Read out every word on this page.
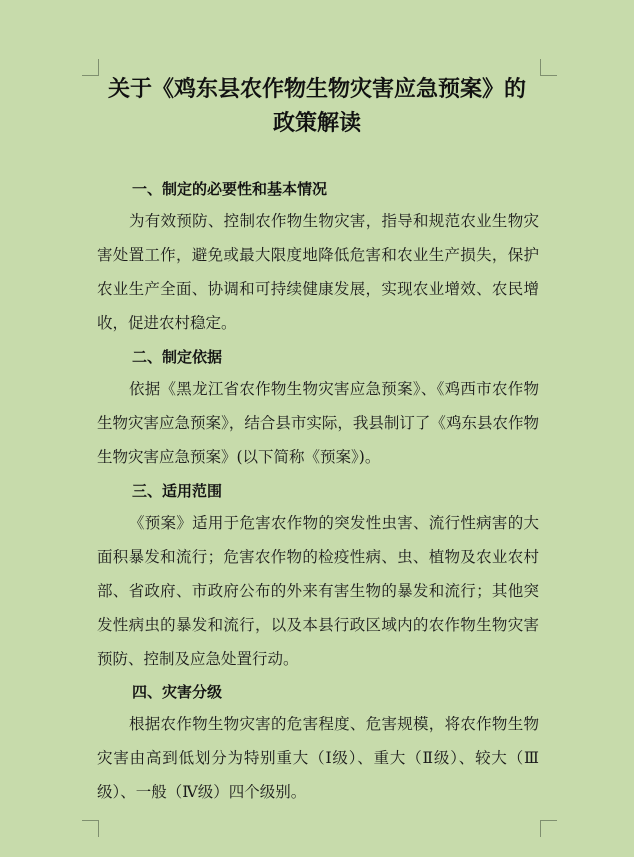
关于《鸡东县农作物生物灾害应急预案》的
政策解读
一、制定的必要性和基本情况
为有效预防、控制农作物生物灾害，指导和规范农业生物灾害处置工作，避免或最大限度地降低危害和农业生产损失，保护农业生产全面、协调和可持续健康发展，实现农业增效、农民增收，促进农村稳定。
二、制定依据
依据《黑龙江省农作物生物灾害应急预案》、《鸡西市农作物生物灾害应急预案》，结合县市实际，我县制订了《鸡东县农作物生物灾害应急预案》(以下简称《预案》)。
三、适用范围
《预案》适用于危害农作物的突发性虫害、流行性病害的大面积暴发和流行；危害农作物的检疫性病、虫、植物及农业农村部、省政府、市政府公布的外来有害生物的暴发和流行；其他突发性病虫的暴发和流行，以及本县行政区域内的农作物生物灾害预防、控制及应急处置行动。
四、灾害分级
根据农作物生物灾害的危害程度、危害规模，将农作物生物灾害由高到低划分为特别重大（Ⅰ级）、重大（Ⅱ级）、较大（Ⅲ级）、一般（Ⅳ级）四个级别。
